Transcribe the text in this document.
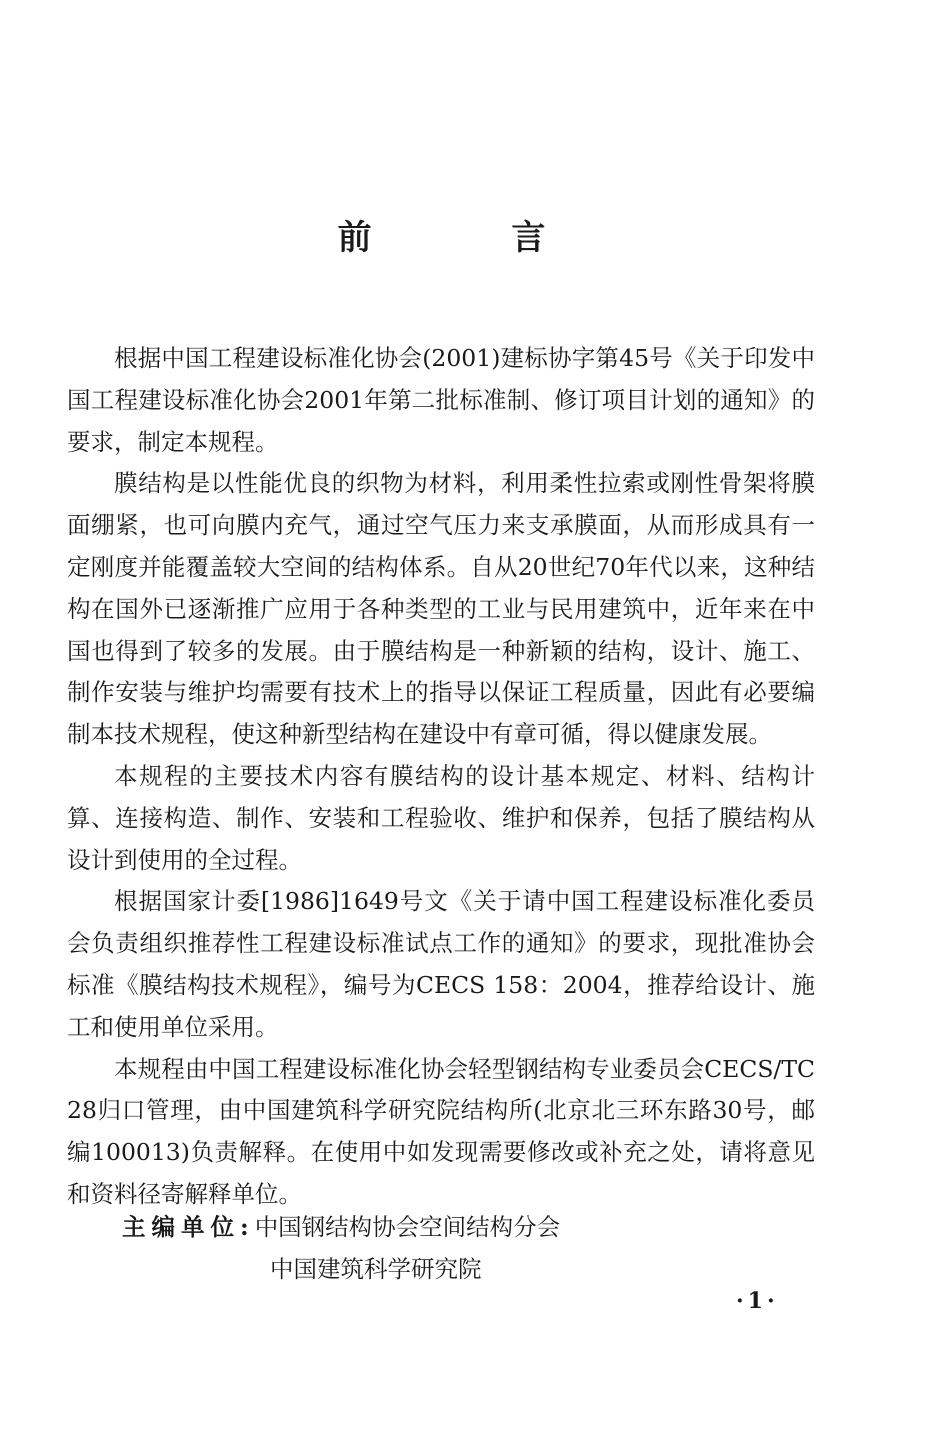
前 言

根据中国工程建设标准化协会(2001)建标协字第45号《关于印发中国工程建设标准化协会2001年第二批标准制、修订项目计划的通知》的要求，制定本规程。

膜结构是以性能优良的织物为材料，利用柔性拉索或刚性骨架将膜面绷紧，也可向膜内充气，通过空气压力来支承膜面，从而形成具有一定刚度并能覆盖较大空间的结构体系。自从20世纪70年代以来，这种结构在国外已逐渐推广应用于各种类型的工业与民用建筑中，近年来在中国也得到了较多的发展。由于膜结构是一种新颖的结构，设计、施工、制作安装与维护均需要有技术上的指导以保证工程质量，因此有必要编制本技术规程，使这种新型结构在建设中有章可循，得以健康发展。

本规程的主要技术内容有膜结构的设计基本规定、材料、结构计算、连接构造、制作、安装和工程验收、维护和保养，包括了膜结构从设计到使用的全过程。

根据国家计委[1986]1649号文《关于请中国工程建设标准化委员会负责组织推荐性工程建设标准试点工作的通知》的要求，现批准协会标准《膜结构技术规程》，编号为CECS 158：2004，推荐给设计、施工和使用单位采用。

本规程由中国工程建设标准化协会轻型钢结构专业委员会CECS/TC 28归口管理，由中国建筑科学研究院结构所(北京北三环东路30号，邮编100013)负责解释。在使用中如发现需要修改或补充之处，请将意见和资料径寄解释单位。

主编单位:中国钢结构协会空间结构分会
中国建筑科学研究院
·1·
